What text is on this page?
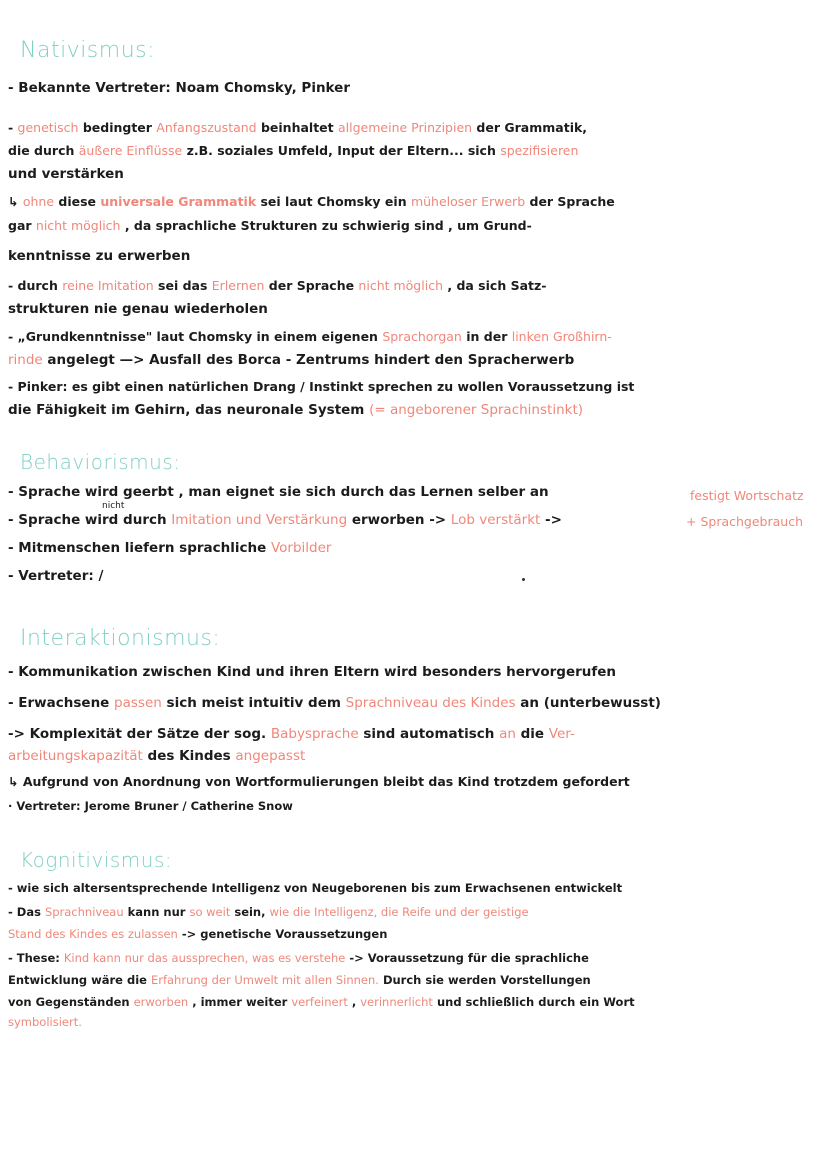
Nativismus:
- Bekannte Vertreter: Noam Chomsky, Pinker
- genetisch bedingter Anfangszustand beinhaltet allgemeine Prinzipien der Grammatik,
die durch äußere Einflüsse z.B. soziales Umfeld, Input der Eltern... sich spezifisieren
und verstärken
↳ ohne diese universale Grammatik sei laut Chomsky ein müheloser Erwerb der Sprache
gar nicht möglich , da sprachliche Strukturen zu schwierig sind , um Grund-
kenntnisse zu erwerben
- durch reine Imitation sei das Erlernen der Sprache nicht möglich , da sich Satz-
strukturen nie genau wiederholen
- „Grundkenntnisse" laut Chomsky in einem eigenen Sprachorgan in der linken Großhirn-
rinde angelegt —> Ausfall des Borca - Zentrums hindert den Spracherwerb
- Pinker: es gibt einen natürlichen Drang / Instinkt sprechen zu wollen Voraussetzung ist
die Fähigkeit im Gehirn, das neuronale System (= angeborener Sprachinstinkt)
Behaviorismus:
- Sprache wird geerbt , man eignet sie sich durch das Lernen selber an
- Sprache wird durch Imitation und Verstärkung erworben -> Lob verstärkt ->
- Mitmenschen liefern sprachliche Vorbilder
- Vertreter: /
nicht
festigt Wortschatz
+ Sprachgebrauch
Interaktionismus:
- Kommunikation zwischen Kind und ihren Eltern wird besonders hervorgerufen
- Erwachsene passen sich meist intuitiv dem Sprachniveau des Kindes an (unterbewusst)
-> Komplexität der Sätze der sog. Babysprache sind automatisch an die Ver-
arbeitungskapazität des Kindes angepasst
↳ Aufgrund von Anordnung von Wortformulierungen bleibt das Kind trotzdem gefordert
· Vertreter: Jerome Bruner / Catherine Snow
Kognitivismus:
- wie sich altersentsprechende Intelligenz von Neugeborenen bis zum Erwachsenen entwickelt
- Das Sprachniveau kann nur so weit sein, wie die Intelligenz, die Reife und der geistige
Stand des Kindes es zulassen -> genetische Voraussetzungen
- These: Kind kann nur das aussprechen, was es verstehe -> Voraussetzung für die sprachliche
Entwicklung wäre die Erfahrung der Umwelt mit allen Sinnen. Durch sie werden Vorstellungen
von Gegenständen erworben , immer weiter verfeinert , verinnerlicht und schließlich durch ein Wort
symbolisiert.
